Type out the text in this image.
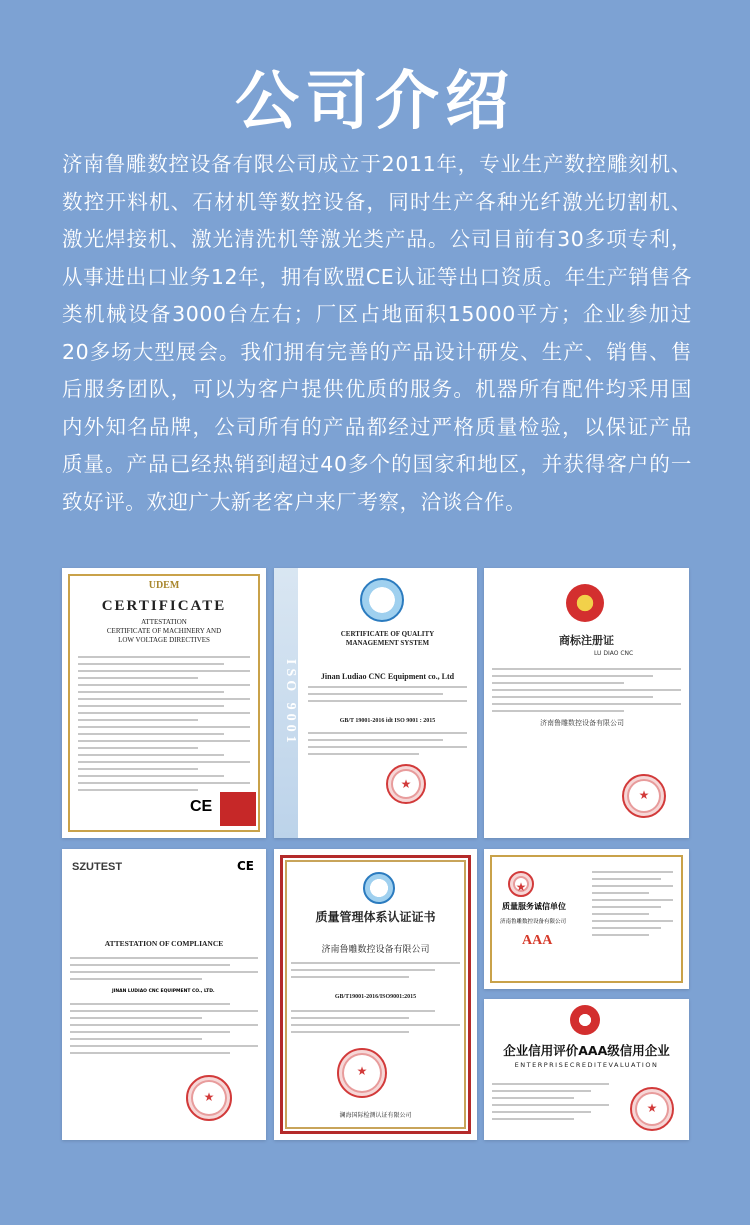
公司介绍
济南鲁雕数控设备有限公司成立于2011年，专业生产数控雕刻机、数控开料机、石材机等数控设备，同时生产各种光纤激光切割机、激光焊接机、激光清洗机等激光类产品。公司目前有30多项专利，从事进出口业务12年，拥有欧盟CE认证等出口资质。年生产销售各类机械设备3000台左右；厂区占地面积15000平方；企业参加过20多场大型展会。我们拥有完善的产品设计研发、生产、销售、售后服务团队，可以为客户提供优质的服务。机器所有配件均采用国内外知名品牌，公司所有的产品都经过严格质量检验，以保证产品质量。产品已经热销到超过40多个的国家和地区，并获得客户的一致好评。欢迎广大新老客户来厂考察，洽谈合作。
UDEM
CERTIFICATE
ATTESTATION
CERTIFICATE OF MACHINERY AND
LOW VOLTAGE DIRECTIVES
CE
ISO 9001
CERTIFICATE OF QUALITY
MANAGEMENT SYSTEM
Jinan Ludiao CNC Equipment co., Ltd
GB/T 19001-2016 idt ISO 9001 : 2015
★
商标注册证
LU DIAO CNC
济南鲁雕数控设备有限公司
★
SZUTEST	CE
ATTESTATION OF COMPLIANCE
JINAN LUDIAO CNC EQUIPMENT CO., LTD.
★
质量管理体系认证证书
济南鲁雕数控设备有限公司
GB/T19001-2016/ISO9001:2015
★
澜海国际检测认证有限公司
★
质量服务诚信单位
济南鲁雕数控设备有限公司
AAA
企业信用评价AAA级信用企业
ENTERPRISECREDITEVALUATION
★
